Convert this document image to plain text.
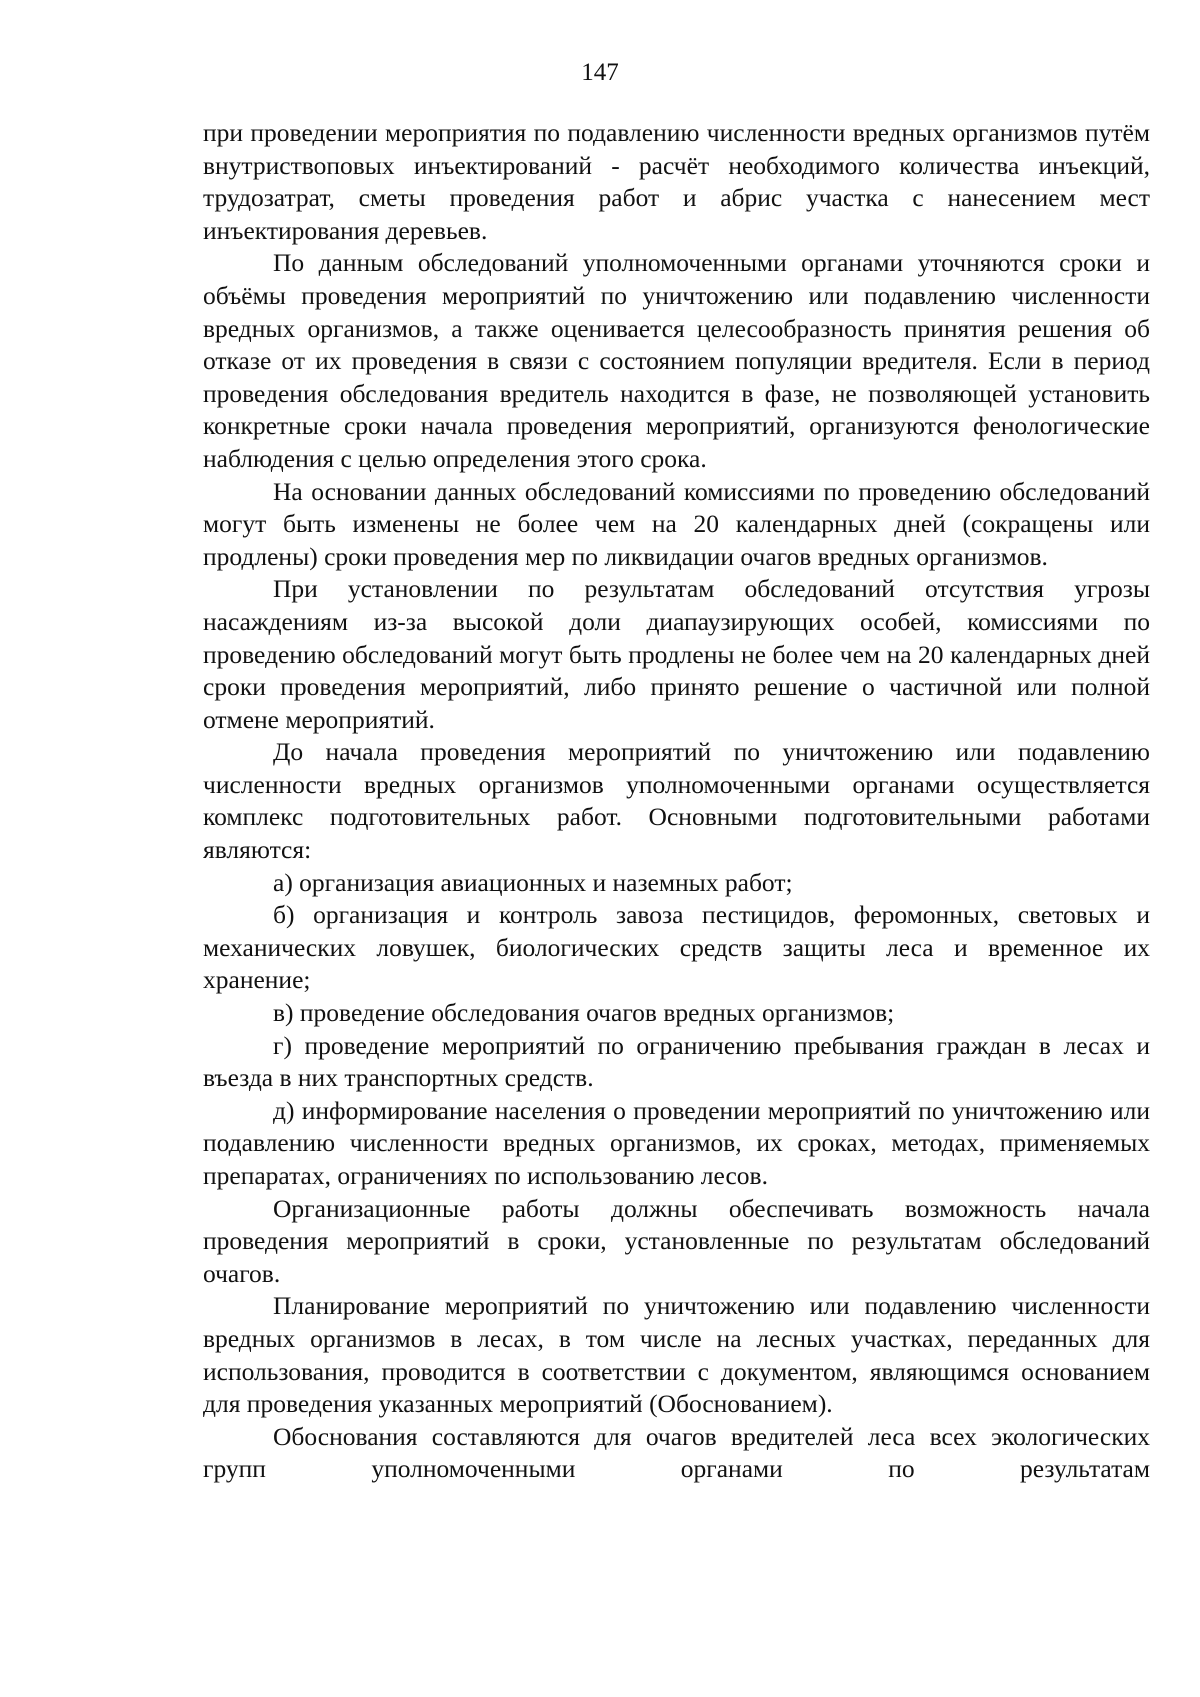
147

при проведении мероприятия по подавлению численности вредных организмов путём внутриствоповых инъектирований - расчёт необходимого количества инъекций, трудозатрат, сметы проведения работ и абрис участка с нанесением мест инъектирования деревьев.

По данным обследований уполномоченными органами уточняются сроки и объёмы проведения мероприятий по уничтожению или подавлению численности вредных организмов, а также оценивается целесообразность принятия решения об отказе от их проведения в связи с состоянием популяции вредителя. Если в период проведения обследования вредитель находится в фазе, не позволяющей установить конкретные сроки начала проведения мероприятий, организуются фенологические наблюдения с целью определения этого срока.

На основании данных обследований комиссиями по проведению обследований могут быть изменены не более чем на 20 календарных дней (сокращены или продлены) сроки проведения мер по ликвидации очагов вредных организмов.

При установлении по результатам обследований отсутствия угрозы насаждениям из-за высокой доли диапаузирующих особей, комиссиями по проведению обследований могут быть продлены не более чем на 20 календарных дней сроки проведения мероприятий, либо принято решение о частичной или полной отмене мероприятий.

До начала проведения мероприятий по уничтожению или подавлению численности вредных организмов уполномоченными органами осуществляется комплекс подготовительных работ. Основными подготовительными работами являются:

а) организация авиационных и наземных работ;

б) организация и контроль завоза пестицидов, феромонных, световых и механических ловушек, биологических средств защиты леса и временное их хранение;

в) проведение обследования очагов вредных организмов;

г) проведение мероприятий по ограничению пребывания граждан в лесах и въезда в них транспортных средств.

д) информирование населения о проведении мероприятий по уничтожению или подавлению численности вредных организмов, их сроках, методах, применяемых препаратах, ограничениях по использованию лесов.

Организационные работы должны обеспечивать возможность начала проведения мероприятий в сроки, установленные по результатам обследований очагов.

Планирование мероприятий по уничтожению или подавлению численности вредных организмов в лесах, в том числе на лесных участках, переданных для использования, проводится в соответствии с документом, являющимся основанием для проведения указанных мероприятий (Обоснованием).

Обоснования составляются для очагов вредителей леса всех экологических групп уполномоченными органами по результатам
